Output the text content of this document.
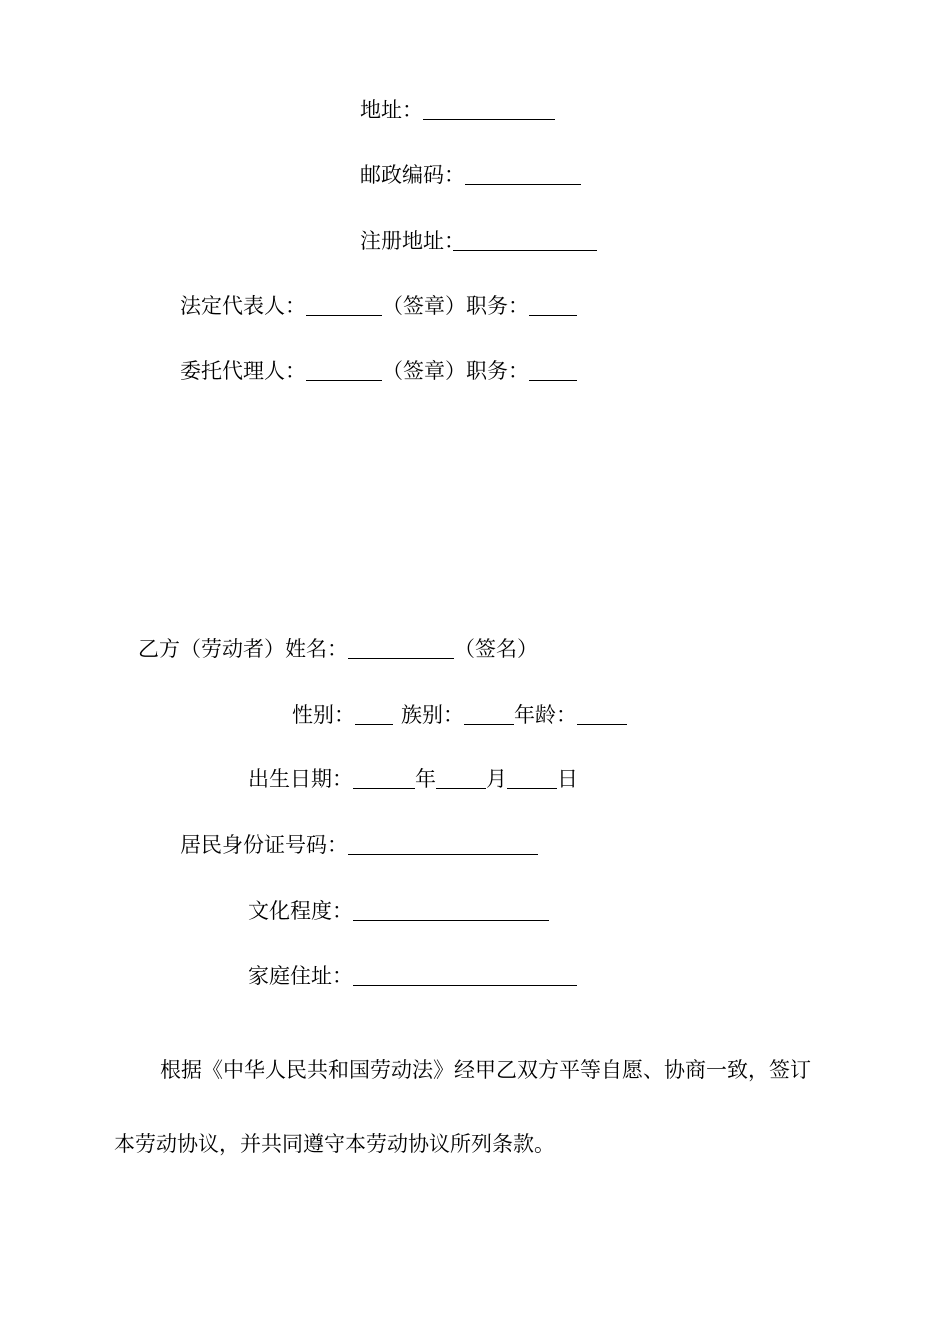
地址：
邮政编码：
注册地址：
法定代表人：	（签章）职务：
委托代理人：	（签章）职务：
乙方（劳动者）姓名：	（签名）
性别： 族别： 年龄：
出生日期：	年 月 日
居民身份证号码：
文化程度：
家庭住址：
根据《中华人民共和国劳动法》经甲乙双方平等自愿、协商一致，签订
本劳动协议，并共同遵守本劳动协议所列条款。
